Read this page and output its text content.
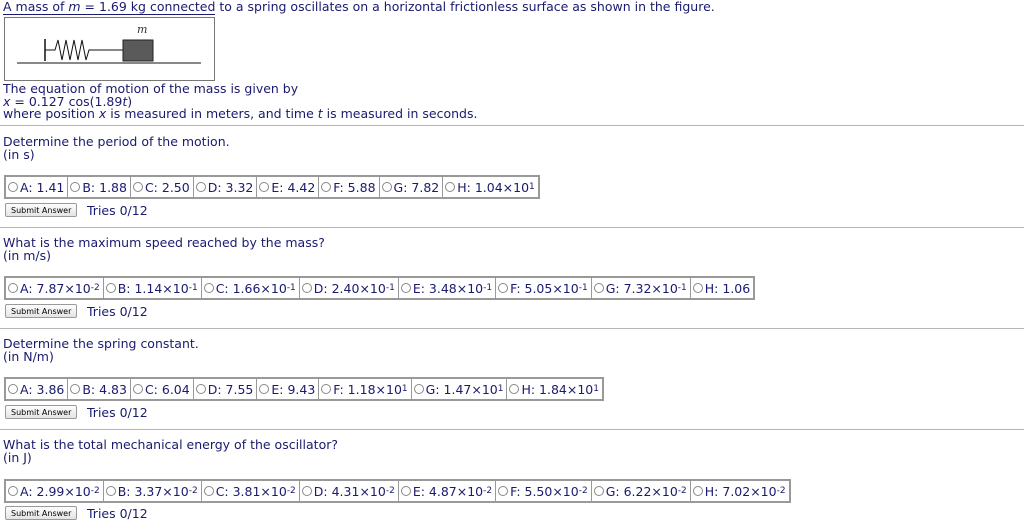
A mass of m = 1.69 kg connected to a spring oscillates on a horizontal frictionless surface as shown in the figure.
m
The equation of motion of the mass is given by
x = 0.127 cos(1.89t)
where position x is measured in meters, and time t is measured in seconds.
Determine the period of the motion.
(in s)
A: 1.41 B: 1.88 C: 2.50 D: 3.32 E: 4.42 F: 5.88 G: 7.82 H: 1.04×10 1
Submit Answer	Tries 0/12
What is the maximum speed reached by the mass?
(in m/s)
A: 7.87×10 -2 B: 1.14×10 -1 C: 1.66×10 -1 D: 2.40×10 -1 E: 3.48×10 -1 F: 5.05×10 -1 G: 7.32×10 -1 H: 1.06
Submit Answer	Tries 0/12
Determine the spring constant.
(in N/m)
A: 3.86 B: 4.83 C: 6.04 D: 7.55 E: 9.43 F: 1.18×10 1 G: 1.47×10 1 H: 1.84×10 1
Submit Answer	Tries 0/12
What is the total mechanical energy of the oscillator?
(in J)
A: 2.99×10 -2 B: 3.37×10 -2 C: 3.81×10 -2 D: 4.31×10 -2 E: 4.87×10 -2 F: 5.50×10 -2 G: 6.22×10 -2 H: 7.02×10 -2
Submit Answer	Tries 0/12
